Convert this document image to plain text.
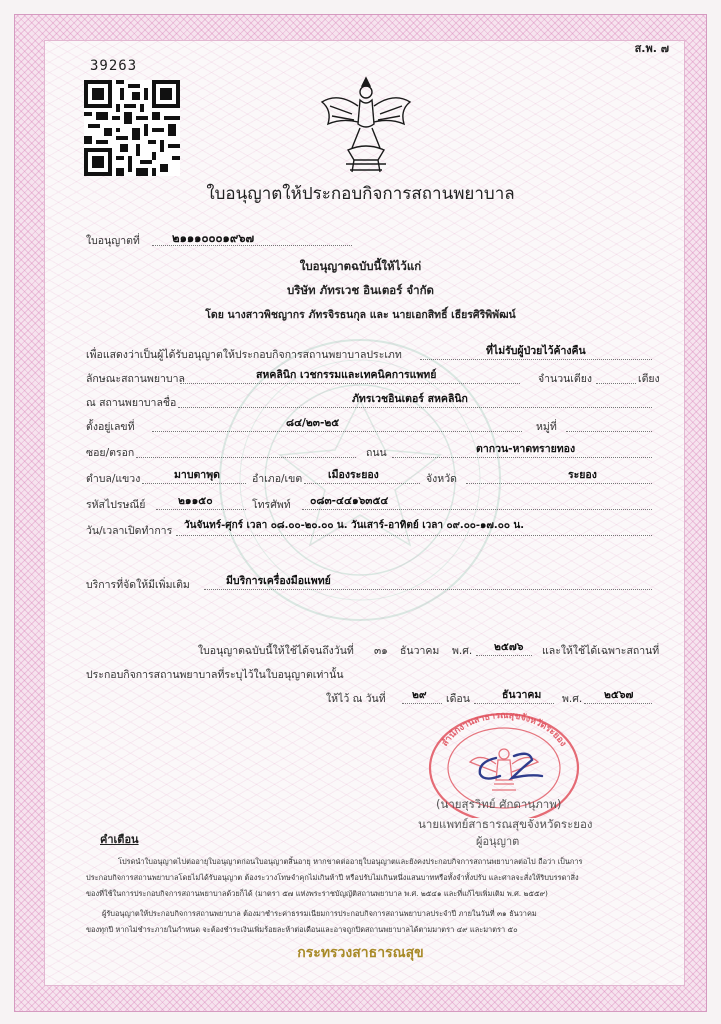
ส.พ. ๗
39263
ใบอนุญาตให้ประกอบกิจการสถานพยาบาล
ใบอนุญาตที่	๒๑๑๑๐๐๐๑๙๖๗
ใบอนุญาตฉบับนี้ให้ไว้แก่
บริษัท ภัทรเวช อินเตอร์ จำกัด
โดย นางสาวพิชญากร ภัทรจิรธนกุล และ นายเอกสิทธิ์ เธียรศิริพิพัฒน์
เพื่อแสดงว่าเป็นผู้ได้รับอนุญาตให้ประกอบกิจการสถานพยาบาลประเภท	ที่ไม่รับผู้ป่วยไว้ค้างคืน
ลักษณะสถานพยาบาล	สหคลินิก เวชกรรมและเทคนิคการแพทย์	จำนวนเตียง	เตียง
ณ สถานพยาบาลชื่อ	ภัทรเวชอินเตอร์ สหคลินิก
ตั้งอยู่เลขที่	๘๔/๒๓-๒๕	หมู่ที่
ซอย/ตรอก	ถนน	ตากวน-หาดทรายทอง
ตำบล/แขวง	มาบตาพุด	อำเภอ/เขต เมืองระยอง	จังหวัด	ระยอง
รหัสไปรษณีย์	๒๑๑๕๐	โทรศัพท์ ๐๘๓-๔๔๑๖๓๕๔
วัน/เวลาเปิดทำการ วันจันทร์-ศุกร์ เวลา ๐๘.๐๐-๒๐.๐๐ น. วันเสาร์-อาทิตย์ เวลา ๐๙.๐๐-๑๗.๐๐ น.
บริการที่จัดให้มีเพิ่มเติม	มีบริการเครื่องมือแพทย์
ใบอนุญาตฉบับนี้ให้ใช้ได้จนถึงวันที่ ๓๑ ธันวาคม พ.ศ. ๒๕๗๖ และให้ใช้ได้เฉพาะสถานที่
ประกอบกิจการสถานพยาบาลที่ระบุไว้ในใบอนุญาตเท่านั้น
ให้ไว้ ณ วันที่	๒๙ เดือน	ธันวาคม พ.ศ. ๒๕๖๗
สำนักงานสาธารณสุขจังหวัดระยอง
(นายสุรวิทย์ ศักดานุภาพ)
นายแพทย์สาธารณสุขจังหวัดระยอง
ผู้อนุญาต
คำเตือน
โปรดนำใบอนุญาตไปต่ออายุใบอนุญาตก่อนใบอนุญาตสิ้นอายุ หากขาดต่ออายุใบอนุญาตและยังคงประกอบกิจการสถานพยาบาลต่อไป ถือว่า เป็นการ
ประกอบกิจการสถานพยาบาลโดยไม่ได้รับอนุญาต ต้องระวางโทษจำคุกไม่เกินห้าปี หรือปรับไม่เกินหนึ่งแสนบาทหรือทั้งจำทั้งปรับ และศาลจะสั่งให้ริบบรรดาสิ่ง
ของที่ใช้ในการประกอบกิจการสถานพยาบาลด้วยก็ได้ (มาตรา ๕๗ แห่งพระราชบัญญัติสถานพยาบาล พ.ศ. ๒๕๔๑ และที่แก้ไขเพิ่มเติม พ.ศ. ๒๕๕๙)
ผู้รับอนุญาตให้ประกอบกิจการสถานพยาบาล ต้องมาชำระค่าธรรมเนียมการประกอบกิจการสถานพยาบาลประจำปี ภายในวันที่ ๓๑ ธันวาคม
ของทุกปี หากไม่ชำระภายในกำหนด จะต้องชำระเงินเพิ่มร้อยละห้าต่อเดือนและอาจถูกปิดสถานพยาบาลได้ตามมาตรา ๔๙ และมาตรา ๕๐
กระทรวงสาธารณสุข
